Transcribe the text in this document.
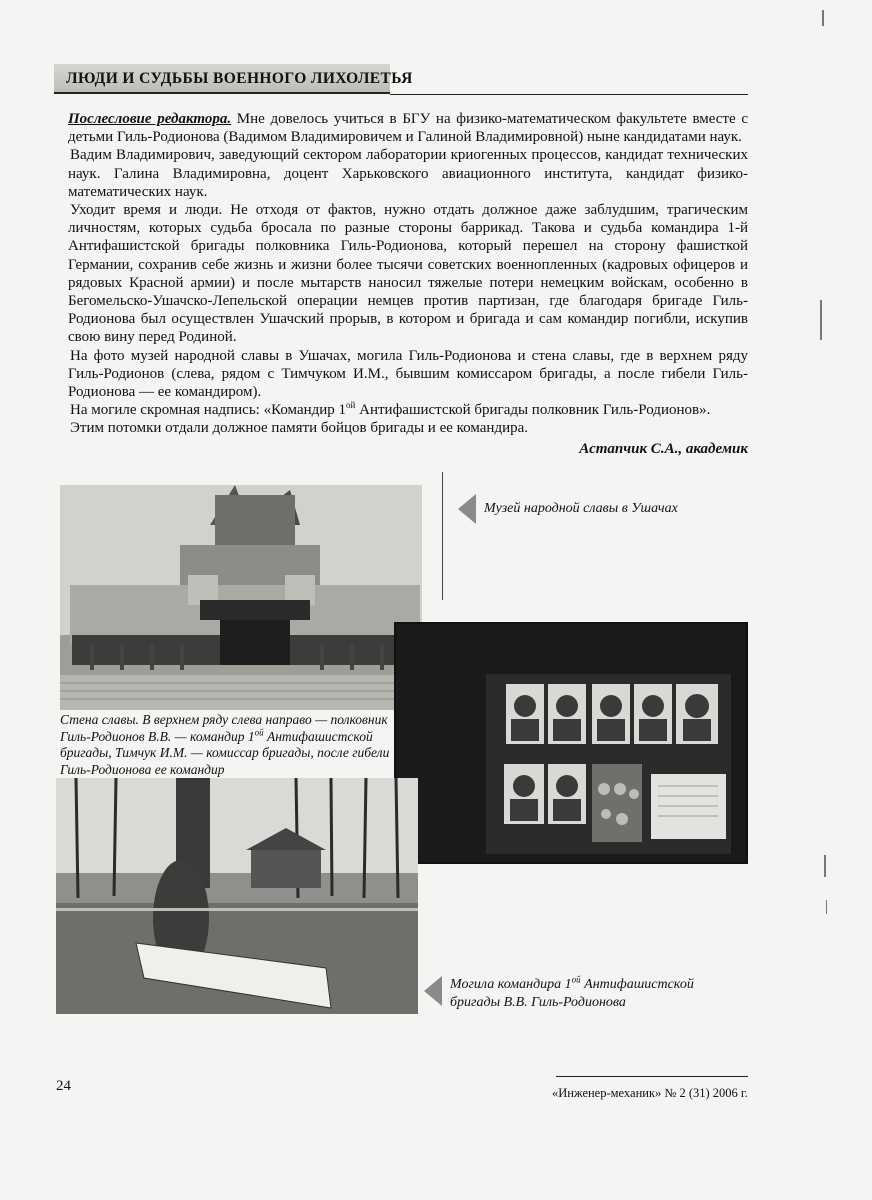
ЛЮДИ И СУДЬБЫ ВОЕННОГО ЛИХОЛЕТЬЯ

Послесловие редактора. Мне довелось учиться в БГУ на физико-математическом факультете вместе с детьми Гиль-Родионова (Вадимом Владимировичем и Галиной Владимировной) ныне кандидатами наук.

Вадим Владимирович, заведующий сектором лаборатории криогенных процессов, кандидат технических наук. Галина Владимировна, доцент Харьковского авиационного института, кандидат физико-математических наук.

Уходит время и люди. Не отходя от фактов, нужно отдать должное даже заблудшим, трагическим личностям, которых судьба бросала по разные стороны баррикад. Такова и судьба командира 1-й Антифашистской бригады полковника Гиль-Родионова, который перешел на сторону фашисткой Германии, сохранив себе жизнь и жизни более тысячи советских военнопленных (кадровых офицеров и рядовых Красной армии) и после мытарств наносил тяжелые потери немецким войскам, особенно в Бегомельско-Ушачско-Лепельской операции немцев против партизан, где благодаря бригаде Гиль-Родионова был осуществлен Ушачский прорыв, в котором и бригада и сам командир погибли, искупив свою вину перед Родиной.

На фото музей народной славы в Ушачах, могила Гиль-Родионова и стена славы, где в верхнем ряду Гиль-Родионов (слева, рядом с Тимчуком И.М., бывшим комиссаром бригады, а после гибели Гиль-Родионова — ее командиром).

На могиле скромная надпись: «Командир $1^{ой}$ Антифашистской бригады полковник Гиль-Родионов».

Этим потомки отдали должное памяти бойцов бригады и ее командира.

Астапчик С.А., академик

Музей народной славы в Ушачах
Стена славы. В верхнем ряду слева направо — полковник Гиль-Родионов В.В. — командир $1^{ой}$ Антифашистской бригады, Тимчук И.М. — комиссар бригады, после гибели Гиль-Родионова ее командир
Могила командира $1^{ой}$ Антифашистской бригады В.В. Гиль-Родионова
24	«Инженер-механик» № 2 (31) 2006 г.
